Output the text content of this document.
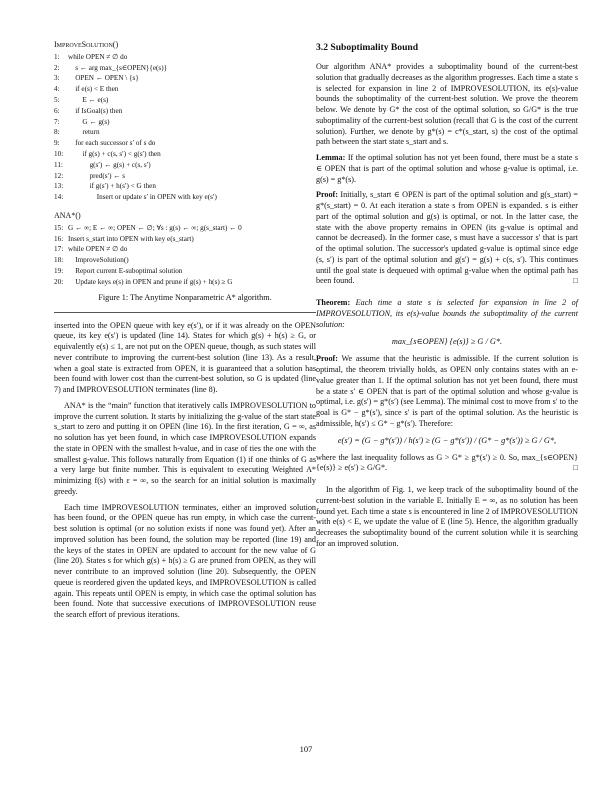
ImproveSolution()
1: while OPEN ≠ ∅ do
2:    s ← arg max_{s∈OPEN}{e(s)}
3:    OPEN ← OPEN \ {s}
4:    if e(s) < E then
5:        E ← e(s)
6:    if IsGoal(s) then
7:        G ← g(s)
8:        return
9:    for each successor s′ of s do
10:        if g(s) + c(s, s′) < g(s′) then
11:            g(s′) ← g(s) + c(s, s′)
12:            pred(s′) ← s
13:            if g(s′) + h(s′) < G then
14:                Insert or update s′ in OPEN with key e(s′)
ANA*()
15: G ← ∞; E ← ∞; OPEN ← ∅; ∀s : g(s) ← ∞; g(s_start) ← 0
16: Insert s_start into OPEN with key e(s_start)
17: while OPEN ≠ ∅ do
18:    ImproveSolution()
19:    Report current E-suboptimal solution
20:    Update keys e(s) in OPEN and prune if g(s) + h(s) ≥ G
Figure 1: The Anytime Nonparametric A* algorithm.

inserted into the OPEN queue with key e(s′), or if it was already on the OPEN queue, its key e(s′) is updated (line 14). States for which g(s) + h(s) ≥ G, or equivalently e(s) ≤ 1, are not put on the OPEN queue, though, as such states will never contribute to improving the current-best solution (line 13). As a result, when a goal state is extracted from OPEN, it is guaranteed that a solution has been found with lower cost than the current-best solution, so G is updated (line 7) and IMPROVESOLUTION terminates (line 8).

ANA* is the “main” function that iteratively calls IMPROVESOLUTION to improve the current solution. It starts by initializing the g-value of the start state s_start to zero and putting it on OPEN (line 16). In the first iteration, G = ∞, as no solution has yet been found, in which case IMPROVESOLUTION expands the state in OPEN with the smallest h-value, and in case of ties the one with the smallest g-value. This follows naturally from Equation (1) if one thinks of G as a very large but finite number. This is equivalent to executing Weighted A* minimizing f(s) with ε = ∞, so the search for an initial solution is maximally greedy.

Each time IMPROVESOLUTION terminates, either an improved solution has been found, or the OPEN queue has run empty, in which case the current-best solution is optimal (or no solution exists if none was found yet). After an improved solution has been found, the solution may be reported (line 19) and the keys of the states in OPEN are updated to account for the new value of G (line 20). States s for which g(s) + h(s) ≥ G are pruned from OPEN, as they will never contribute to an improved solution (line 20). Subsequently, the OPEN queue is reordered given the updated keys, and IMPROVESOLUTION is called again. This repeats until OPEN is empty, in which case the optimal solution has been found. Note that successive executions of IMPROVESOLUTION reuse the search effort of previous iterations.

3.2 Suboptimality Bound

Our algorithm ANA* provides a suboptimality bound of the current-best solution that gradually decreases as the algorithm progresses. Each time a state s is selected for expansion in line 2 of IMPROVESOLUTION, its e(s)-value bounds the suboptimality of the current-best solution. We prove the theorem below. We denote by G* the cost of the optimal solution, so G/G* is the true suboptimality of the current-best solution (recall that G is the cost of the current solution). Further, we denote by g*(s) = c*(s_start, s) the cost of the optimal path between the start state s_start and s.

Lemma: If the optimal solution has not yet been found, there must be a state s ∈ OPEN that is part of the optimal solution and whose g-value is optimal, i.e. g(s) = g*(s).

Proof: Initially, s_start ∈ OPEN is part of the optimal solution and g(s_start) = g*(s_start) = 0. At each iteration a state s from OPEN is expanded. s is either part of the optimal solution and g(s) is optimal, or not. In the latter case, the state with the above property remains in OPEN (its g-value is optimal and cannot be decreased). In the former case, s must have a successor s′ that is part of the optimal solution. The successor's updated g-value is optimal since edge (s, s′) is part of the optimal solution and g(s′) = g(s) + c(s, s′). This continues until the goal state is dequeued with optimal g-value when the optimal path has been found.	□

Theorem: Each time a state s is selected for expansion in line 2 of IMPROVESOLUTION, its e(s)-value bounds the suboptimality of the current solution:

max_{s∈OPEN} {e(s)} ≥ G / G*.

Proof: We assume that the heuristic is admissible. If the current solution is optimal, the theorem trivially holds, as OPEN only contains states with an e-value greater than 1. If the optimal solution has not yet been found, there must be a state s′ ∈ OPEN that is part of the optimal solution and whose g-value is optimal, i.e. g(s′) = g*(s′) (see Lemma). The minimal cost to move from s′ to the goal is G* − g*(s′), since s′ is part of the optimal solution. As the heuristic is admissible, h(s′) ≤ G* − g*(s′). Therefore:

e(s′) = (G − g*(s′)) / h(s′) ≥ (G − g*(s′)) / (G* − g*(s′)) ≥ G / G*,

where the last inequality follows as G > G* ≥ g*(s′) ≥ 0. So, max_{s∈OPEN}{e(s)} ≥ e(s′) ≥ G/G*.	□

In the algorithm of Fig. 1, we keep track of the suboptimality bound of the current-best solution in the variable E. Initially E = ∞, as no solution has been found yet. Each time a state s is encountered in line 2 of IMPROVESOLUTION with e(s) < E, we update the value of E (line 5). Hence, the algorithm gradually decreases the suboptimality bound of the current solution while it is searching for an improved solution.

107
